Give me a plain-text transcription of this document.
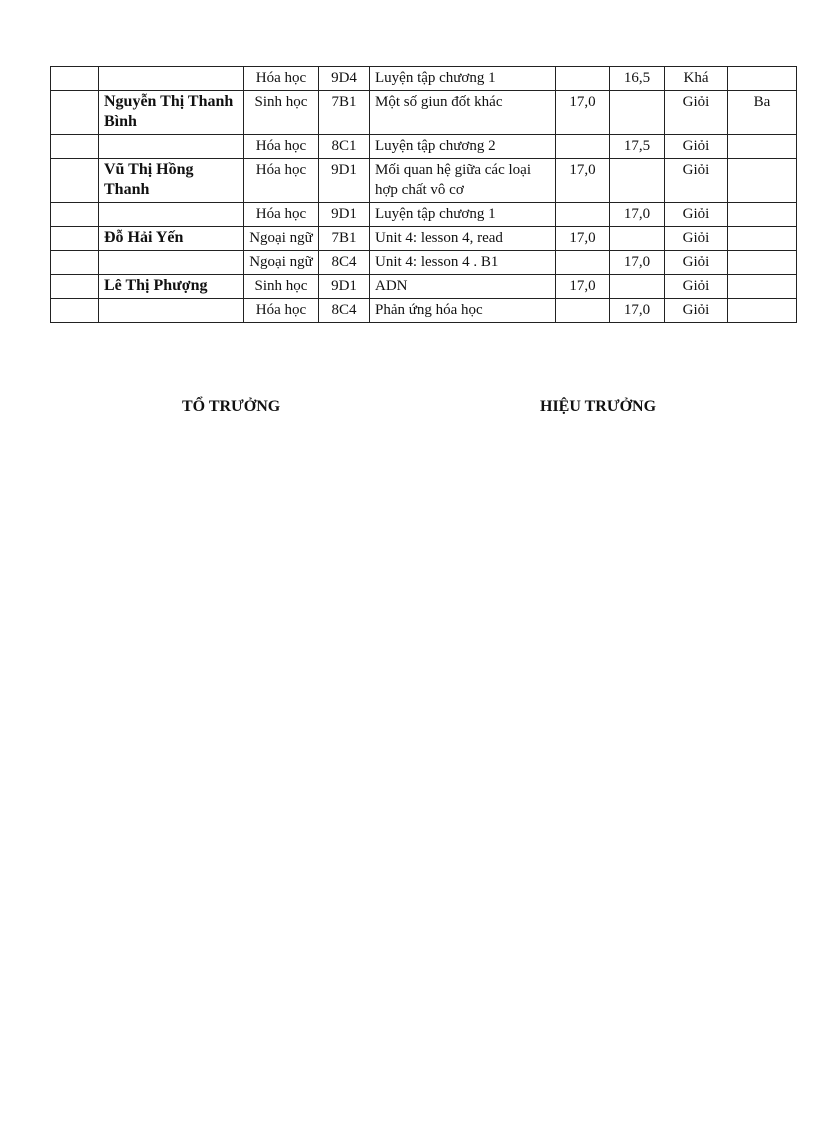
		Hóa học	9D4	Luyện tập chương 1		16,5	Khá	
	Nguyễn Thị Thanh Bình	Sinh học	7B1	Một số giun đốt khác	17,0		Giỏi	Ba
		Hóa học	8C1	Luyện tập chương 2		17,5	Giỏi	
	Vũ Thị Hồng Thanh	Hóa học	9D1	Mối quan hệ giữa các loại hợp chất vô cơ	17,0		Giỏi	
		Hóa học	9D1	Luyện tập chương 1		17,0	Giỏi	
	Đỗ Hải Yến	Ngoại ngữ	7B1	Unit 4: lesson 4, read	17,0		Giỏi	
		Ngoại ngữ	8C4	Unit 4: lesson 4 . B1		17,0	Giỏi	
	Lê Thị Phượng	Sinh học	9D1	ADN	17,0		Giỏi	
		Hóa học	8C4	Phản ứng hóa học		17,0	Giỏi	
TỔ TRƯỞNG	HIỆU TRƯỞNG
